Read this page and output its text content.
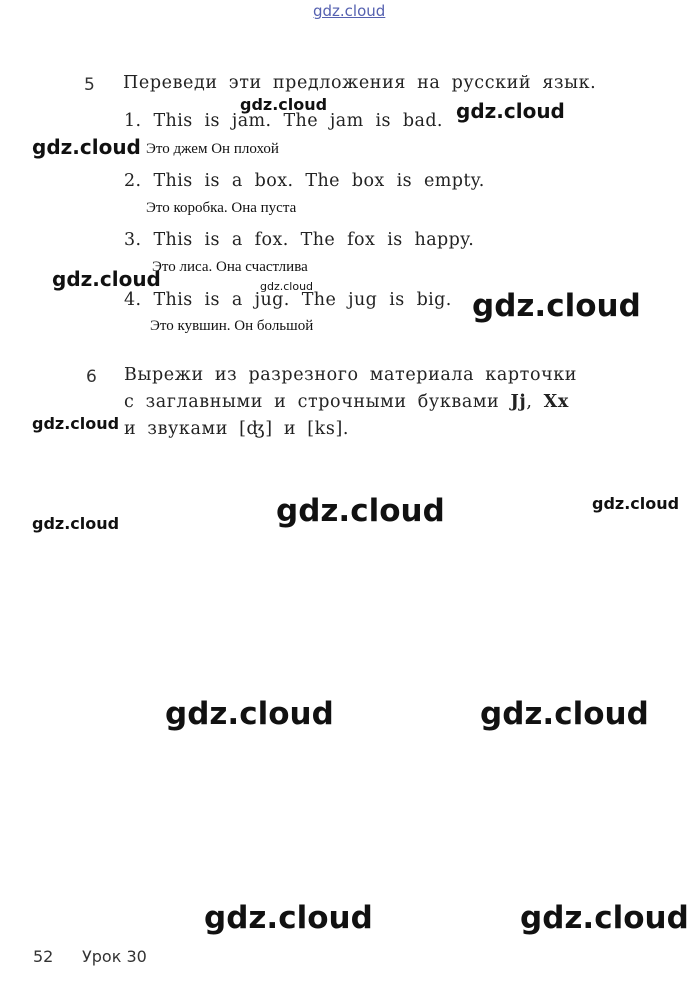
gdz.cloud
5 Переведи эти предложения на русский язык.
1. This is jam. The jam is bad.
Это джем Он плохой
2. This is a box. The box is empty.
Это коробка. Она пуста
3. This is a fox. The fox is happy.
Это лиса. Она счастлива
4. This is a jug. The jug is big.
Это кувшин. Он большой
6 Вырежи из разрезного материала карточки
с заглавными и строчными буквами Jj, Xx
и звуками [ʤ] и [ks].
gdz.cloud	gdz.cloud
gdz.cloud
gdz.cloud	gdz.cloud
gdz.cloud
gdz.cloud
gdz.cloud	gdz.cloud
gdz.cloud
gdz.cloud	gdz.cloud
gdz.cloud	gdz.cloud
52 Урок 30
